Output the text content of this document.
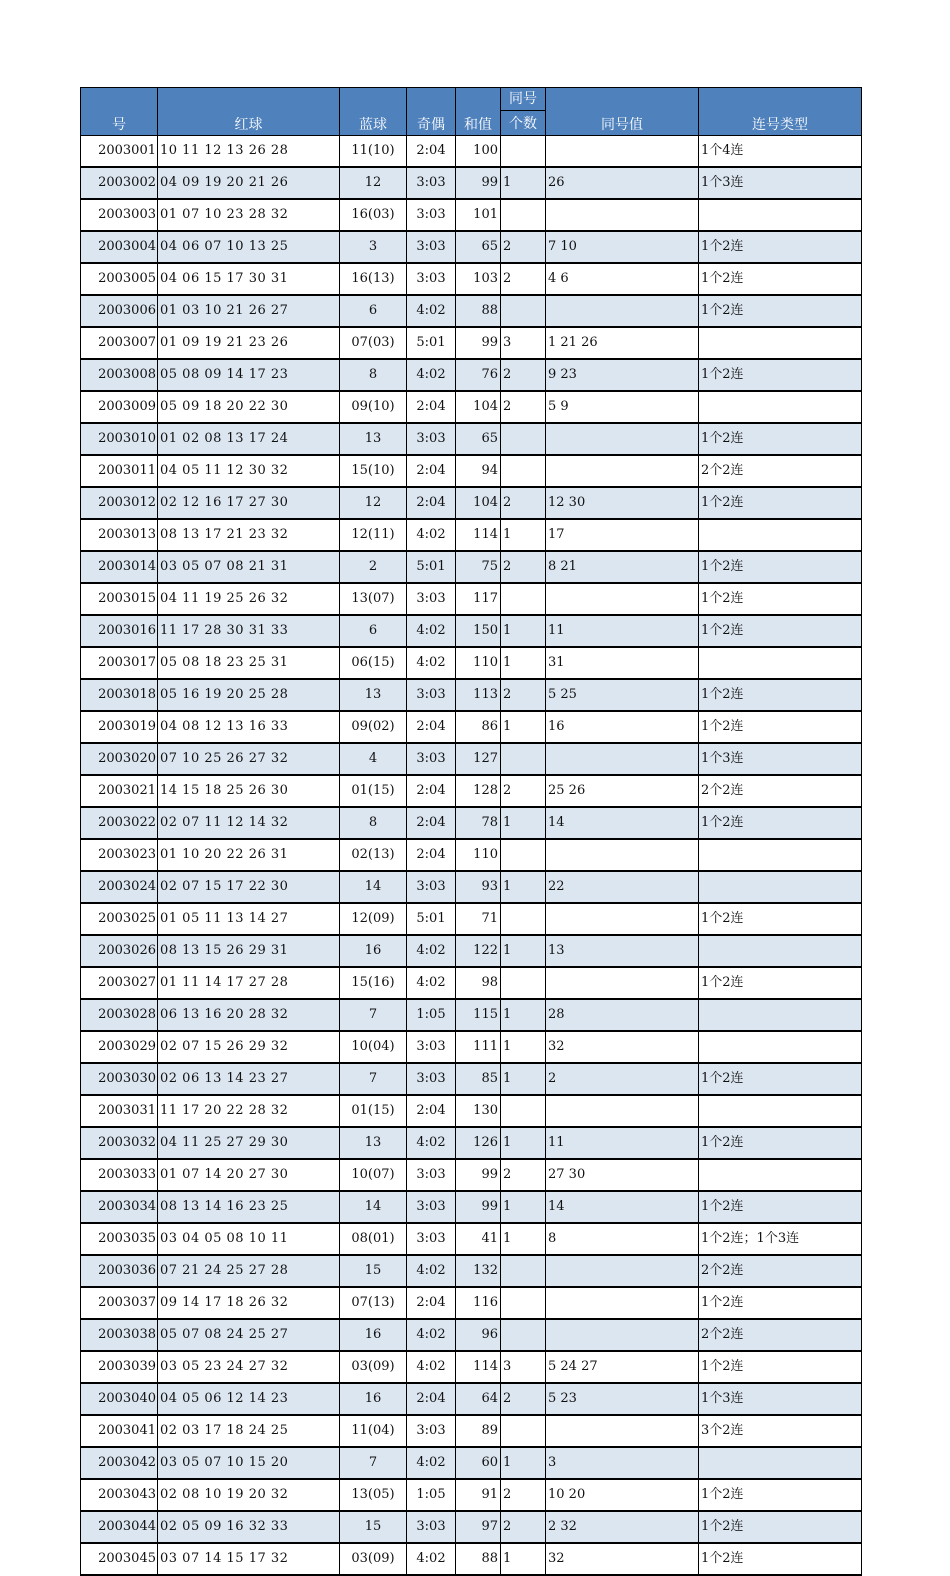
号	红球	蓝球	奇偶	和值	同号
个数	同号值	连号类型

2003001	10 11 12 13 26 28	11(10)	2:04	100			1个4连
2003002	04 09 19 20 21 26	12	3:03	99	1	26	1个3连
2003003	01 07 10 23 28 32	16(03)	3:03	101			
2003004	04 06 07 10 13 25	3	3:03	65	2	7 10	1个2连
2003005	04 06 15 17 30 31	16(13)	3:03	103	2	4 6	1个2连
2003006	01 03 10 21 26 27	6	4:02	88			1个2连
2003007	01 09 19 21 23 26	07(03)	5:01	99	3	1 21 26	
2003008	05 08 09 14 17 23	8	4:02	76	2	9 23	1个2连
2003009	05 09 18 20 22 30	09(10)	2:04	104	2	5 9	
2003010	01 02 08 13 17 24	13	3:03	65			1个2连
2003011	04 05 11 12 30 32	15(10)	2:04	94			2个2连
2003012	02 12 16 17 27 30	12	2:04	104	2	12 30	1个2连
2003013	08 13 17 21 23 32	12(11)	4:02	114	1	17	
2003014	03 05 07 08 21 31	2	5:01	75	2	8 21	1个2连
2003015	04 11 19 25 26 32	13(07)	3:03	117			1个2连
2003016	11 17 28 30 31 33	6	4:02	150	1	11	1个2连
2003017	05 08 18 23 25 31	06(15)	4:02	110	1	31	
2003018	05 16 19 20 25 28	13	3:03	113	2	5 25	1个2连
2003019	04 08 12 13 16 33	09(02)	2:04	86	1	16	1个2连
2003020	07 10 25 26 27 32	4	3:03	127			1个3连
2003021	14 15 18 25 26 30	01(15)	2:04	128	2	25 26	2个2连
2003022	02 07 11 12 14 32	8	2:04	78	1	14	1个2连
2003023	01 10 20 22 26 31	02(13)	2:04	110			
2003024	02 07 15 17 22 30	14	3:03	93	1	22	
2003025	01 05 11 13 14 27	12(09)	5:01	71			1个2连
2003026	08 13 15 26 29 31	16	4:02	122	1	13	
2003027	01 11 14 17 27 28	15(16)	4:02	98			1个2连
2003028	06 13 16 20 28 32	7	1:05	115	1	28	
2003029	02 07 15 26 29 32	10(04)	3:03	111	1	32	
2003030	02 06 13 14 23 27	7	3:03	85	1	2	1个2连
2003031	11 17 20 22 28 32	01(15)	2:04	130			
2003032	04 11 25 27 29 30	13	4:02	126	1	11	1个2连
2003033	01 07 14 20 27 30	10(07)	3:03	99	2	27 30	
2003034	08 13 14 16 23 25	14	3:03	99	1	14	1个2连
2003035	03 04 05 08 10 11	08(01)	3:03	41	1	8	1个2连；1个3连
2003036	07 21 24 25 27 28	15	4:02	132			2个2连
2003037	09 14 17 18 26 32	07(13)	2:04	116			1个2连
2003038	05 07 08 24 25 27	16	4:02	96			2个2连
2003039	03 05 23 24 27 32	03(09)	4:02	114	3	5 24 27	1个2连
2003040	04 05 06 12 14 23	16	2:04	64	2	5 23	1个3连
2003041	02 03 17 18 24 25	11(04)	3:03	89			3个2连
2003042	03 05 07 10 15 20	7	4:02	60	1	3	
2003043	02 08 10 19 20 32	13(05)	1:05	91	2	10 20	1个2连
2003044	02 05 09 16 32 33	15	3:03	97	2	2 32	1个2连
2003045	03 07 14 15 17 32	03(09)	4:02	88	1	32	1个2连
